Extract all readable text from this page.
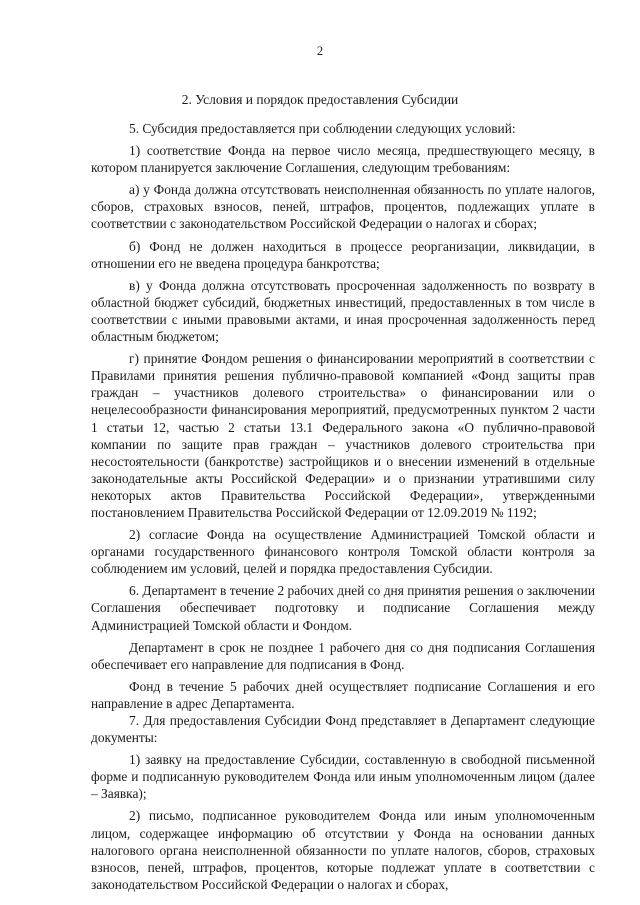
2
2. Условия и порядок предоставления Субсидии

5. Субсидия предоставляется при соблюдении следующих условий:

1) соответствие Фонда на первое число месяца, предшествующего месяцу, в котором планируется заключение Соглашения, следующим требованиям:

а) у Фонда должна отсутствовать неисполненная обязанность по уплате налогов, сборов, страховых взносов, пеней, штрафов, процентов, подлежащих уплате в соответствии с законодательством Российской Федерации о налогах и сборах;

б) Фонд не должен находиться в процессе реорганизации, ликвидации, в отношении его не введена процедура банкротства;

в) у Фонда должна отсутствовать просроченная задолженность по возврату в областной бюджет субсидий, бюджетных инвестиций, предоставленных в том числе в соответствии с иными правовыми актами, и иная просроченная задолженность перед областным бюджетом;

г) принятие Фондом решения о финансировании мероприятий в соответствии с Правилами принятия решения публично-правовой компанией «Фонд защиты прав граждан – участников долевого строительства» о финансировании или о нецелесообразности финансирования мероприятий, предусмотренных пунктом 2 части 1 статьи 12, частью 2 статьи 13.1 Федерального закона «О публично-правовой компании по защите прав граждан – участников долевого строительства при несостоятельности (банкротстве) застройщиков и о внесении изменений в отдельные законодательные акты Российской Федерации» и о признании утратившими силу некоторых актов Правительства Российской Федерации», утвержденными постановлением Правительства Российской Федерации от 12.09.2019 № 1192;

2) согласие Фонда на осуществление Администрацией Томской области и органами государственного финансового контроля Томской области контроля за соблюдением им условий, целей и порядка предоставления Субсидии.

6. Департамент в течение 2 рабочих дней со дня принятия решения о заключении Соглашения обеспечивает подготовку и подписание Соглашения между Администрацией Томской области и Фондом.

Департамент в срок не позднее 1 рабочего дня со дня подписания Соглашения обеспечивает его направление для подписания в Фонд.

Фонд в течение 5 рабочих дней осуществляет подписание Соглашения и его направление в адрес Департамента.

7. Для предоставления Субсидии Фонд представляет в Департамент следующие документы:

1) заявку на предоставление Субсидии, составленную в свободной письменной форме и подписанную руководителем Фонда или иным уполномоченным лицом (далее – Заявка);

2) письмо, подписанное руководителем Фонда или иным уполномоченным лицом, содержащее информацию об отсутствии у Фонда на основании данных налогового органа неисполненной обязанности по уплате налогов, сборов, страховых взносов, пеней, штрафов, процентов, которые подлежат уплате в соответствии с законодательством Российской Федерации о налогах и сборах,
